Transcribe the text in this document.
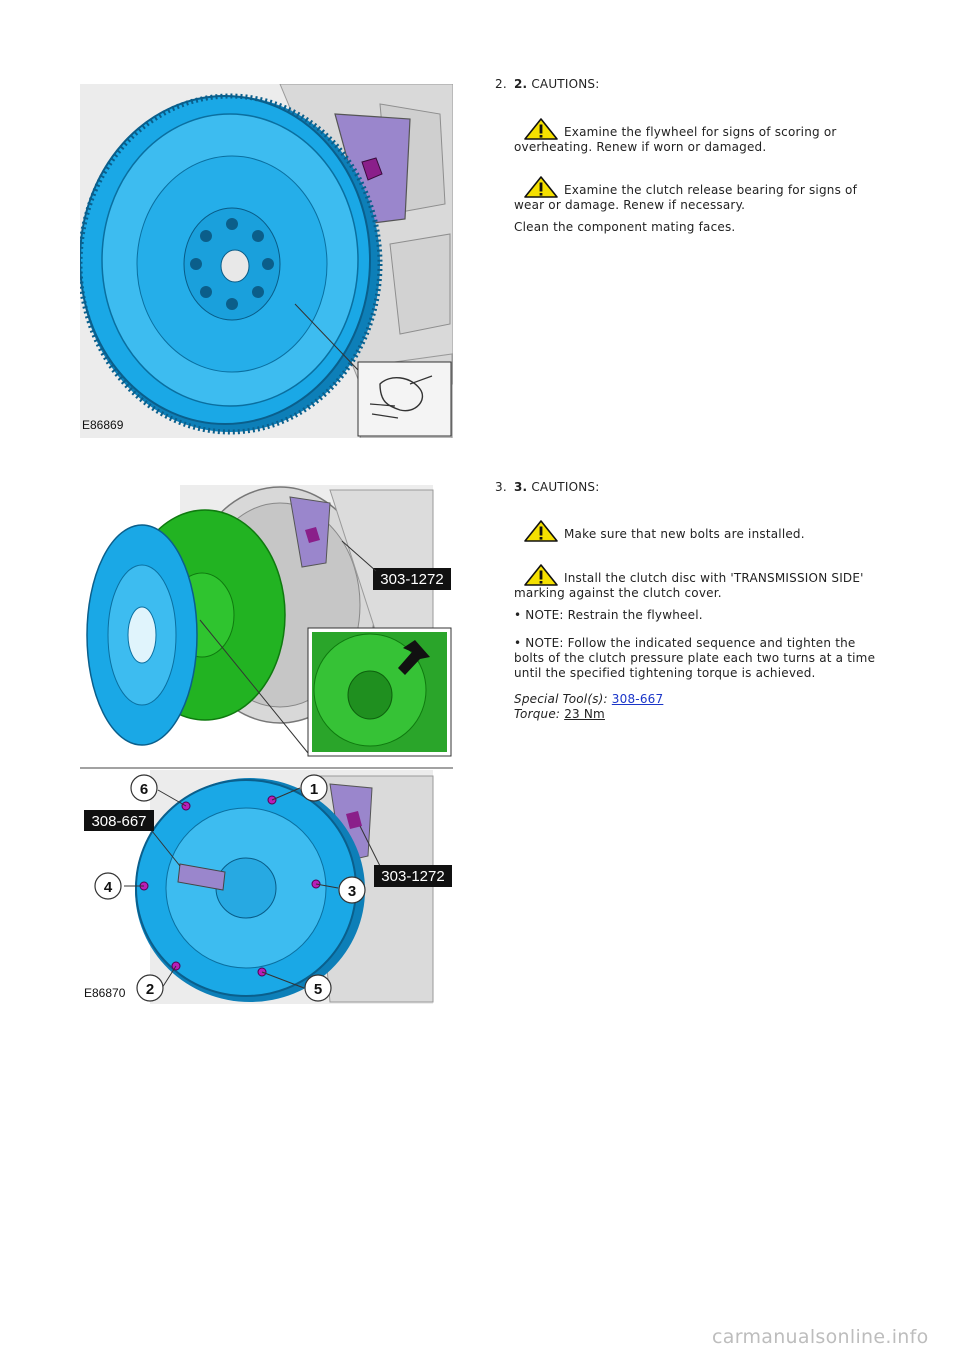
E86869
2. 2. CAUTIONS:
Examine the flywheel for signs of scoring or overheating. Renew if worn or damaged.
Examine the clutch release bearing for signs of wear or damage. Renew if necessary.
Clean the component mating faces.
303-1272
6	1
3
4
2	5
308-667
303-1272
E86870
3. 3. CAUTIONS:
Make sure that new bolts are installed.
Install the clutch disc with 'TRANSMISSION SIDE' marking against the clutch cover.
• NOTE: Restrain the flywheel.
• NOTE: Follow the indicated sequence and tighten the bolts of the clutch pressure plate each two turns at a time until the specified tightening torque is achieved.
Special Tool(s): 308-667
Torque: 23 Nm
carmanualsonline.info
